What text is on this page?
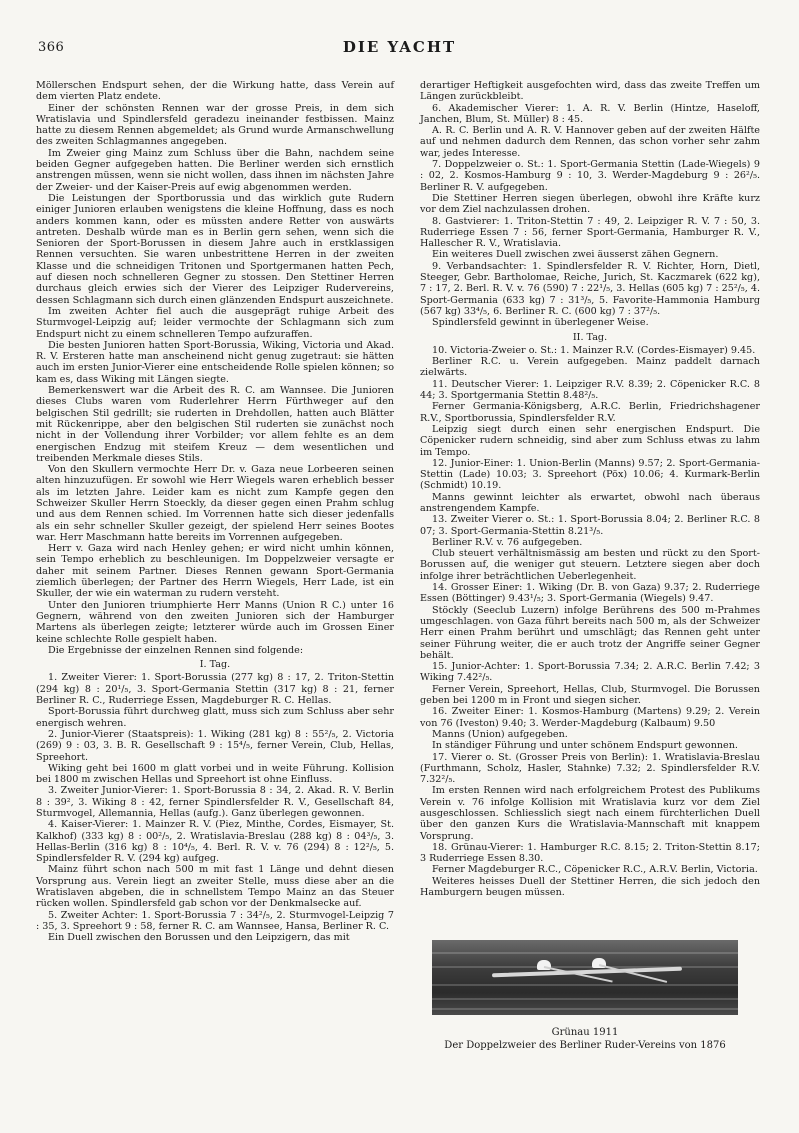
366	DIE YACHT

Möllerschen Endspurt sehen, der die Wirkung hatte, dass Verein auf dem vierten Platz endete.

Einer der schönsten Rennen war der grosse Preis, in dem sich Wratislavia und Spindlersfeld geradezu ineinander festbissen. Mainz hatte zu diesem Rennen abgemeldet; als Grund wurde Armanschwellung des zweiten Schlagmannes angegeben.

Im Zweier ging Mainz zum Schluss über die Bahn, nachdem seine beiden Gegner aufgegeben hatten. Die Berliner werden sich ernstlich anstrengen müssen, wenn sie nicht wollen, dass ihnen im nächsten Jahre der Zweier- und der Kaiser-Preis auf ewig abgenommen werden.

Die Leistungen der Sportborussia und das wirklich gute Rudern einiger Junioren erlauben wenigstens die kleine Hoffnung, dass es noch anders kommen kann, oder es müssten andere Retter von auswärts antreten. Deshalb würde man es in Berlin gern sehen, wenn sich die Senioren der Sport-Borussen in diesem Jahre auch in erstklassigen Rennen versuchten. Sie waren unbestrittene Herren in der zweiten Klasse und die schneidigen Tritonen und Sportgermanen hatten Pech, auf diesen noch schnelleren Gegner zu stossen. Den Stettiner Herren durchaus gleich erwies sich der Vierer des Leipziger Rudervereins, dessen Schlagmann sich durch einen glänzenden Endspurt auszeichnete.

Im zweiten Achter fiel auch die ausgeprägt ruhige Arbeit des Sturmvogel-Leipzig auf; leider vermochte der Schlagmann sich zum Endspurt nicht zu einem schnelleren Tempo aufzuraffen.

Die besten Junioren hatten Sport-Borussia, Wiking, Victoria und Akad. R. V. Ersteren hatte man anscheinend nicht genug zugetraut: sie hätten auch im ersten Junior-Vierer eine entscheidende Rolle spielen können; so kam es, dass Wiking mit Längen siegte.

Bemerkenswert war die Arbeit des R. C. am Wannsee. Die Junioren dieses Clubs waren vom Ruderlehrer Herrn Fürthweger auf den belgischen Stil gedrillt; sie ruderten in Drehdollen, hatten auch Blätter mit Rückenrippe, aber den belgischen Stil ruderten sie zunächst noch nicht in der Vollendung ihrer Vorbilder; vor allem fehlte es an dem energischen Endzug mit steifem Kreuz — dem wesentlichen und treibenden Merkmale dieses Stils.

Von den Skullern vermochte Herr Dr. v. Gaza neue Lorbeeren seinen alten hinzuzufügen. Er sowohl wie Herr Wiegels waren erheblich besser als im letzten Jahre. Leider kam es nicht zum Kampfe gegen den Schweizer Skuller Herrn Stoeckly, da dieser gegen einen Prahm schlug und aus dem Rennen schied. Im Vorrennen hatte sich dieser jedenfalls als ein sehr schneller Skuller gezeigt, der spielend Herr seines Bootes war. Herr Maschmann hatte bereits im Vorrennen aufgegeben.

Herr v. Gaza wird nach Henley gehen; er wird nicht umhin können, sein Tempo erheblich zu beschleunigen. Im Doppelzweier versagte er daher mit seinem Partner. Dieses Rennen gewann Sport-Germania ziemlich überlegen; der Partner des Herrn Wiegels, Herr Lade, ist ein Skuller, der wie ein waterman zu rudern versteht.

Unter den Junioren triumphierte Herr Manns (Union R C.) unter 16 Gegnern, während von den zweiten Junioren sich der Hamburger Martens als überlegen zeigte; letzterer würde auch im Grossen Einer keine schlechte Rolle gespielt haben.

Die Ergebnisse der einzelnen Rennen sind folgende:

I. Tag.

1. Zweiter Vierer: 1. Sport-Borussia (277 kg) 8 : 17, 2. Triton-Stettin (294 kg) 8 : 20¹/₅, 3. Sport-Germania Stettin (317 kg) 8 : 21, ferner Berliner R. C., Ruderriege Essen, Magdeburger R. C. Hellas.

Sport-Borussia führt durchweg glatt, muss sich zum Schluss aber sehr energisch wehren.

2. Junior-Vierer (Staatspreis): 1. Wiking (281 kg) 8 : 55²/₅, 2. Victoria (269) 9 : 03, 3. B. R. Gesellschaft 9 : 15⁴/₅, ferner Verein, Club, Hellas, Spreehort.

Wiking geht bei 1600 m glatt vorbei und in weite Führung. Kollision bei 1800 m zwischen Hellas und Spreehort ist ohne Einfluss.

3. Zweiter Junior-Vierer: 1. Sport-Borussia 8 : 34, 2. Akad. R. V. Berlin 8 : 39², 3. Wiking 8 : 42, ferner Spindlersfelder R. V., Gesellschaft 84, Sturmvogel, Allemannia, Hellas (aufg.). Ganz überlegen gewonnen.

4. Kaiser-Vierer: 1. Mainzer R. V. (Piez, Minthe, Cordes, Eismayer, St. Kalkhof) (333 kg) 8 : 00²/₅, 2. Wratislavia-Breslau (288 kg) 8 : 04³/₅, 3. Hellas-Berlin (316 kg) 8 : 10⁴/₅, 4. Berl. R. V. v. 76 (294) 8 : 12²/₅, 5. Spindlersfelder R. V. (294 kg) aufgeg.

Mainz führt schon nach 500 m mit fast 1 Länge und dehnt diesen Vorsprung aus. Verein liegt an zweiter Stelle, muss diese aber an die Wratislaven abgeben, die in schnellstem Tempo Mainz an das Steuer rücken wollen. Spindlersfeld gab schon vor der Denkmalsecke auf.

5. Zweiter Achter: 1. Sport-Borussia 7 : 34²/₅, 2. Sturmvogel-Leipzig 7 : 35, 3. Spreehort 9 : 58, ferner R. C. am Wannsee, Hansa, Berliner R. C.

Ein Duell zwischen den Borussen und den Leipzigern, das mit

derartiger Heftigkeit ausgefochten wird, dass das zweite Treffen um Längen zurückbleibt.

6. Akademischer Vierer: 1. A. R. V. Berlin (Hintze, Haseloff, Janchen, Blum, St. Müller) 8 : 45.

A. R. C. Berlin und A. R. V. Hannover geben auf der zweiten Hälfte auf und nehmen dadurch dem Rennen, das schon vorher sehr zahm war, jedes Interesse.

7. Doppelzweier o. St.: 1. Sport-Germania Stettin (Lade-Wiegels) 9 : 02, 2. Kosmos-Hamburg 9 : 10, 3. Werder-Magdeburg 9 : 26²/₅. Berliner R. V. aufgegeben.

Die Stettiner Herren siegen überlegen, obwohl ihre Kräfte kurz vor dem Ziel nachzulassen drohen.

8. Gastvierer: 1. Triton-Stettin 7 : 49, 2. Leipziger R. V. 7 : 50, 3. Ruderriege Essen 7 : 56, ferner Sport-Germania, Hamburger R. V., Hallescher R. V., Wratislavia.

Ein weiteres Duell zwischen zwei äusserst zähen Gegnern.

9. Verbandsachter: 1. Spindlersfelder R. V. Richter, Horn, Dietl, Steeger, Gebr. Bartholomae, Reiche, Jurich, St. Kaczmarek (622 kg), 7 : 17, 2. Berl. R. V. v. 76 (590) 7 : 22¹/₅, 3. Hellas (605 kg) 7 : 25²/₅, 4. Sport-Germania (633 kg) 7 : 31³/₅, 5. Favorite-Hammonia Hamburg (567 kg) 33⁴/₅, 6. Berliner R. C. (600 kg) 7 : 37²/₅.

Spindlersfeld gewinnt in überlegener Weise.

II. Tag.

10. Victoria-Zweier o. St.: 1. Mainzer R.V. (Cordes-Eismayer) 9.45.

Berliner R.C. u. Verein aufgegeben. Mainz paddelt darnach zielwärts.

11. Deutscher Vierer: 1. Leipziger R.V. 8.39; 2. Cöpenicker R.C. 8 44; 3. Sportgermania Stettin 8.48²/₅.

Ferner Germania-Königsberg, A.R.C. Berlin, Friedrichshagener R.V., Sportborussia, Spindlersfelder R.V.

Leipzig siegt durch einen sehr energischen Endspurt. Die Cöpenicker rudern schneidig, sind aber zum Schluss etwas zu lahm im Tempo.

12. Junior-Einer: 1. Union-Berlin (Manns) 9.57; 2. Sport-Germania-Stettin (Lade) 10.03; 3. Spreehort (Pöx) 10.06; 4. Kurmark-Berlin (Schmidt) 10.19.

Manns gewinnt leichter als erwartet, obwohl nach überaus anstrengendem Kampfe.

13. Zweiter Vierer o. St.: 1. Sport-Borussia 8.04; 2. Berliner R.C. 8 07; 3. Sport-Germania-Stettin 8.21³/₅.

Berliner R.V. v. 76 aufgegeben.

Club steuert verhältnismässig am besten und rückt zu den Sport-Borussen auf, die weniger gut steuern. Letztere siegen aber doch infolge ihrer beträchtlichen Ueberlegenheit.

14. Grosser Einer: 1. Wiking (Dr. B. von Gaza) 9.37; 2. Ruderriege Essen (Böttinger) 9.43¹/₅; 3. Sport-Germania (Wiegels) 9.47.

Stöckly (Seeclub Luzern) infolge Berührens des 500 m-Prahmes umgeschlagen. von Gaza führt bereits nach 500 m, als der Schweizer Herr einen Prahm berührt und umschlägt; das Rennen geht unter seiner Führung weiter, die er auch trotz der Angriffe seiner Gegner behält.

15. Junior-Achter: 1. Sport-Borussia 7.34; 2. A.R.C. Berlin 7.42; 3 Wiking 7.42²/₅.

Ferner Verein, Spreehort, Hellas, Club, Sturmvogel. Die Borussen geben bei 1200 m in Front und siegen sicher.

16. Zweiter Einer: 1. Kosmos-Hamburg (Martens) 9.29; 2. Verein von 76 (Iveston) 9.40; 3. Werder-Magdeburg (Kalbaum) 9.50

Manns (Union) aufgegeben.

In ständiger Führung und unter schönem Endspurt gewonnen.

17. Vierer o. St. (Grosser Preis von Berlin): 1. Wratislavia-Breslau (Furthmann, Scholz, Hasler, Stahnke) 7.32; 2. Spindlersfelder R.V. 7.32²/₅.

Im ersten Rennen wird nach erfolgreichem Protest des Publikums Verein v. 76 infolge Kollision mit Wratislavia kurz vor dem Ziel ausgeschlossen. Schliesslich siegt nach einem fürchterlichen Duell über den ganzen Kurs die Wratislavia-Mannschaft mit knappem Vorsprung.

18. Grünau-Vierer: 1. Hamburger R.C. 8.15; 2. Triton-Stettin 8.17; 3 Ruderriege Essen 8.30.

Ferner Magdeburger R.C., Cöpenicker R.C., A.R.V. Berlin, Victoria.

Weiteres heisses Duell der Stettiner Herren, die sich jedoch den Hamburgern beugen müssen.

Grünau 1911
Der Doppelzweier des Berliner Ruder-Vereins von 1876
